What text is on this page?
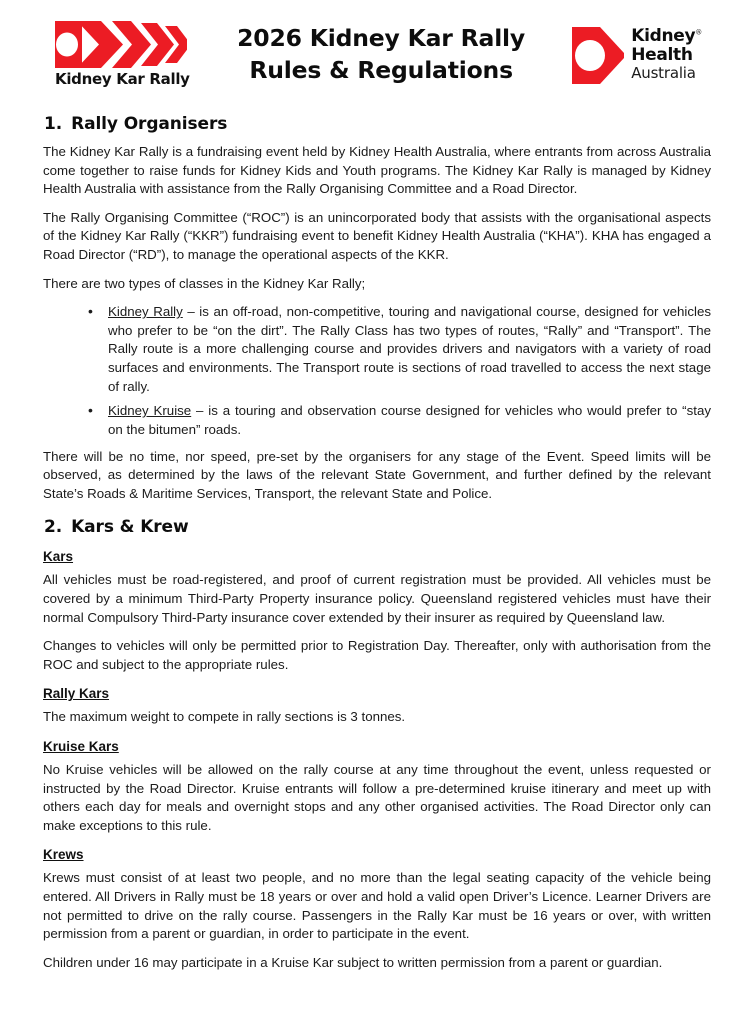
Kidney Kar Rally
2026 Kidney Kar Rally
Rules & Regulations
Kidney®
Health
Australia
1. Rally Organisers

The Kidney Kar Rally is a fundraising event held by Kidney Health Australia, where entrants from across Australia come together to raise funds for Kidney Kids and Youth programs. The Kidney Kar Rally is managed by Kidney Health Australia with assistance from the Rally Organising Committee and a Road Director.

The Rally Organising Committee (“ROC”) is an unincorporated body that assists with the organisational aspects of the Kidney Kar Rally (“KKR”) fundraising event to benefit Kidney Health Australia (“KHA”). KHA has engaged a Road Director (“RD”), to manage the operational aspects of the KKR.

There are two types of classes in the Kidney Kar Rally;

• Kidney Rally – is an off-road, non-competitive, touring and navigational course, designed for vehicles who prefer to be “on the dirt”. The Rally Class has two types of routes, “Rally” and “Transport”. The Rally route is a more challenging course and provides drivers and navigators with a variety of road surfaces and environments. The Transport route is sections of road travelled to access the next stage of rally.
• Kidney Kruise – is a touring and observation course designed for vehicles who would prefer to “stay on the bitumen” roads.

There will be no time, nor speed, pre-set by the organisers for any stage of the Event. Speed limits will be observed, as determined by the laws of the relevant State Government, and further defined by the relevant State’s Roads & Maritime Services, Transport, the relevant State and Police.

2. Kars & Krew
Kars

All vehicles must be road-registered, and proof of current registration must be provided. All vehicles must be covered by a minimum Third-Party Property insurance policy. Queensland registered vehicles must have their normal Compulsory Third-Party insurance cover extended by their insurer as required by Queensland law.

Changes to vehicles will only be permitted prior to Registration Day. Thereafter, only with authorisation from the ROC and subject to the appropriate rules.

Rally Kars

The maximum weight to compete in rally sections is 3 tonnes.

Kruise Kars

No Kruise vehicles will be allowed on the rally course at any time throughout the event, unless requested or instructed by the Road Director. Kruise entrants will follow a pre-determined kruise itinerary and meet up with others each day for meals and overnight stops and any other organised activities. The Road Director only can make exceptions to this rule.

Krews

Krews must consist of at least two people, and no more than the legal seating capacity of the vehicle being entered. All Drivers in Rally must be 18 years or over and hold a valid open Driver’s Licence. Learner Drivers are not permitted to drive on the rally course. Passengers in the Rally Kar must be 16 years or over, with written permission from a parent or guardian, in order to participate in the event.

Children under 16 may participate in a Kruise Kar subject to written permission from a parent or guardian.
